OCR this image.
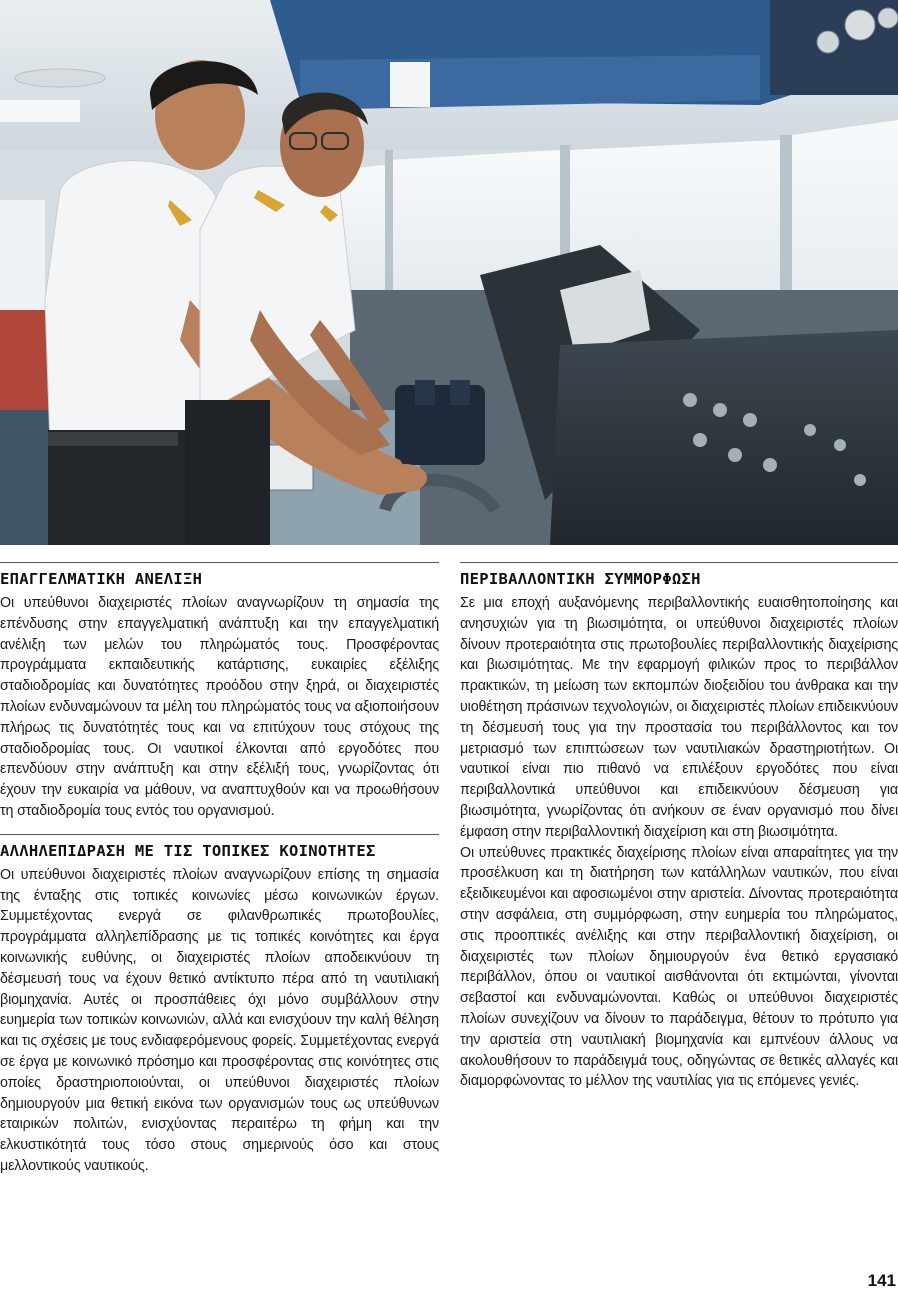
ΕΠΑΓΓΕΛΜΑΤΙΚΗ ΑΝΕΛΙΞΗ

Οι υπεύθυνοι διαχειριστές πλοίων αναγνωρίζουν τη σημασία της επένδυσης στην επαγγελματική ανάπτυξη και την επαγγελματική ανέλιξη των μελών του πληρώματός τους. Προσφέροντας προγράμματα εκπαιδευτικής κατάρτισης, ευκαιρίες εξέλιξης σταδιοδρομίας και δυνατότητες προόδου στην ξηρά, οι διαχειριστές πλοίων ενδυναμώνουν τα μέλη του πληρώματός τους να αξιοποιήσουν πλήρως τις δυνατότητές τους και να επιτύχουν τους στόχους της σταδιοδρομίας τους. Οι ναυτικοί έλκονται από εργοδότες που επενδύουν στην ανάπτυξη και στην εξέλιξή τους, γνωρίζοντας ότι έχουν την ευκαιρία να μάθουν, να αναπτυχθούν και να προωθήσουν τη σταδιοδρομία τους εντός του οργανισμού.

ΑΛΛΗΛΕΠΙΔΡΑΣΗ ΜΕ ΤΙΣ ΤΟΠΙΚΕΣ ΚΟΙΝΟΤΗΤΕΣ

Οι υπεύθυνοι διαχειριστές πλοίων αναγνωρίζουν επίσης τη σημασία της ένταξης στις τοπικές κοινωνίες μέσω κοινωνικών έργων. Συμμετέχοντας ενεργά σε φιλανθρωπικές πρωτοβουλίες, προγράμματα αλληλεπίδρασης με τις τοπικές κοινότητες και έργα κοινωνικής ευθύνης, οι διαχειριστές πλοίων αποδεικνύουν τη δέσμευσή τους να έχουν θετικό αντίκτυπο πέρα από τη ναυτιλιακή βιομηχανία. Αυτές οι προσπάθειες όχι μόνο συμβάλλουν στην ευημερία των τοπικών κοινωνιών, αλλά και ενισχύουν την καλή θέληση και τις σχέσεις με τους ενδιαφερόμενους φορείς. Συμμετέχοντας ενεργά σε έργα με κοινωνικό πρόσημο και προσφέροντας στις κοινότητες στις οποίες δραστηριοποιούνται, οι υπεύθυνοι διαχειριστές πλοίων δημιουργούν μια θετική εικόνα των οργανισμών τους ως υπεύθυνων εταιρικών πολιτών, ενισχύοντας περαιτέρω τη φήμη και την ελκυστικότητά τους τόσο στους σημερινούς όσο και στους μελλοντικούς ναυτικούς.

ΠΕΡΙΒΑΛΛΟΝΤΙΚΗ ΣΥΜΜΟΡΦΩΣΗ

Σε μια εποχή αυξανόμενης περιβαλλοντικής ευαισθητοποίησης και ανησυχιών για τη βιωσιμότητα, οι υπεύθυνοι διαχειριστές πλοίων δίνουν προτεραιότητα στις πρωτοβουλίες περιβαλλοντικής διαχείρισης και βιωσιμότητας. Με την εφαρμογή φιλικών προς το περιβάλλον πρακτικών, τη μείωση των εκπομπών διοξειδίου του άνθρακα και την υιοθέτηση πράσινων τεχνολογιών, οι διαχειριστές πλοίων επιδεικνύουν τη δέσμευσή τους για την προστασία του περιβάλλοντος και τον μετριασμό των επιπτώσεων των ναυτιλιακών δραστηριοτήτων. Οι ναυτικοί είναι πιο πιθανό να επιλέξουν εργοδότες που είναι περιβαλλοντικά υπεύθυνοι και επιδεικνύουν δέσμευση για βιωσιμότητα, γνωρίζοντας ότι ανήκουν σε έναν οργανισμό που δίνει έμφαση στην περιβαλλοντική διαχείριση και στη βιωσιμότητα.

Οι υπεύθυνες πρακτικές διαχείρισης πλοίων είναι απαραίτητες για την προσέλκυση και τη διατήρηση των κατάλληλων ναυτικών, που είναι εξειδικευμένοι και αφοσιωμένοι στην αριστεία. Δίνοντας προτεραιότητα στην ασφάλεια, στη συμμόρφωση, στην ευημερία του πληρώματος, στις προοπτικές ανέλιξης και στην περιβαλλοντική διαχείριση, οι διαχειριστές των πλοίων δημιουργούν ένα θετικό εργασιακό περιβάλλον, όπου οι ναυτικοί αισθάνονται ότι εκτιμώνται, γίνονται σεβαστοί και ενδυναμώνονται. Καθώς οι υπεύθυνοι διαχειριστές πλοίων συνεχίζουν να δίνουν το παράδειγμα, θέτουν το πρότυπο για την αριστεία στη ναυτιλιακή βιομηχανία και εμπνέουν άλλους να ακολουθήσουν το παράδειγμά τους, οδηγώντας σε θετικές αλλαγές και διαμορφώνοντας το μέλλον της ναυτιλίας για τις επόμενες γενιές.

141
